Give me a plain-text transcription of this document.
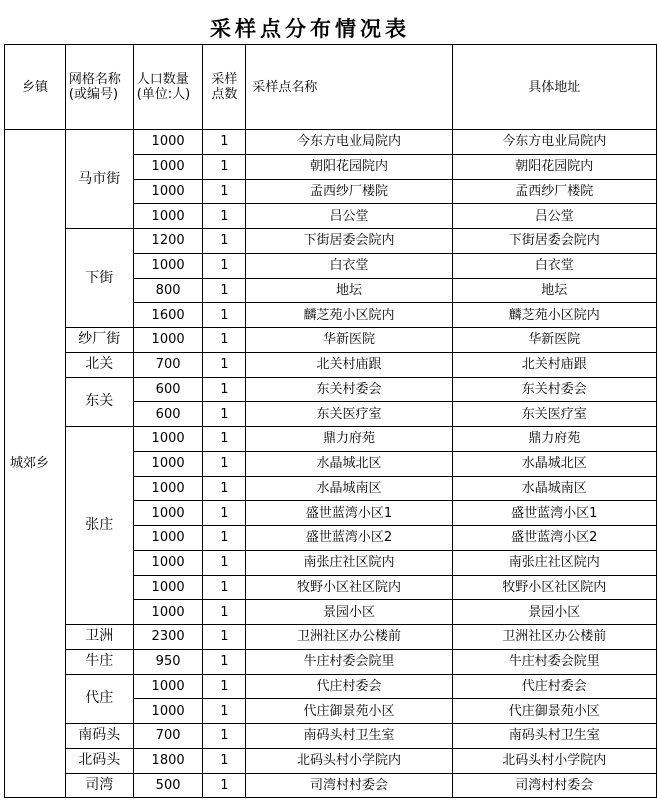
采样点分布情况表
乡镇	网格名称(或编号)	人口数量(单位:人)	采样点数	采样点名称	具体地址
城郊乡	马市街	1000	1	今东方电业局院内	今东方电业局院内
		1000	1	朝阳花园院内	朝阳花园院内
		1000	1	孟西纱厂楼院	孟西纱厂楼院
		1000	1	吕公堂	吕公堂
	下街	1200	1	下街居委会院内	下街居委会院内
		1000	1	白衣堂	白衣堂
		800	1	地坛	地坛
		1600	1	麟芝苑小区院内	麟芝苑小区院内
	纱厂街	1000	1	华新医院	华新医院
	北关	700	1	北关村庙跟	北关村庙跟
	东关	600	1	东关村委会	东关村委会
		600	1	东关医疗室	东关医疗室
	张庄	1000	1	鼎力府苑	鼎力府苑
		1000	1	水晶城北区	水晶城北区
		1000	1	水晶城南区	水晶城南区
		1000	1	盛世蓝湾小区1	盛世蓝湾小区1
		1000	1	盛世蓝湾小区2	盛世蓝湾小区2
		1000	1	南张庄社区院内	南张庄社区院内
		1000	1	牧野小区社区院内	牧野小区社区院内
		1000	1	景园小区	景园小区
	卫洲	2300	1	卫洲社区办公楼前	卫洲社区办公楼前
	牛庄	950	1	牛庄村委会院里	牛庄村委会院里
	代庄	1000	1	代庄村委会	代庄村委会
		1000	1	代庄御景苑小区	代庄御景苑小区
	南码头	700	1	南码头村卫生室	南码头村卫生室
	北码头	1800	1	北码头村小学院内	北码头村小学院内
	司湾	500	1	司湾村村委会	司湾村村委会
